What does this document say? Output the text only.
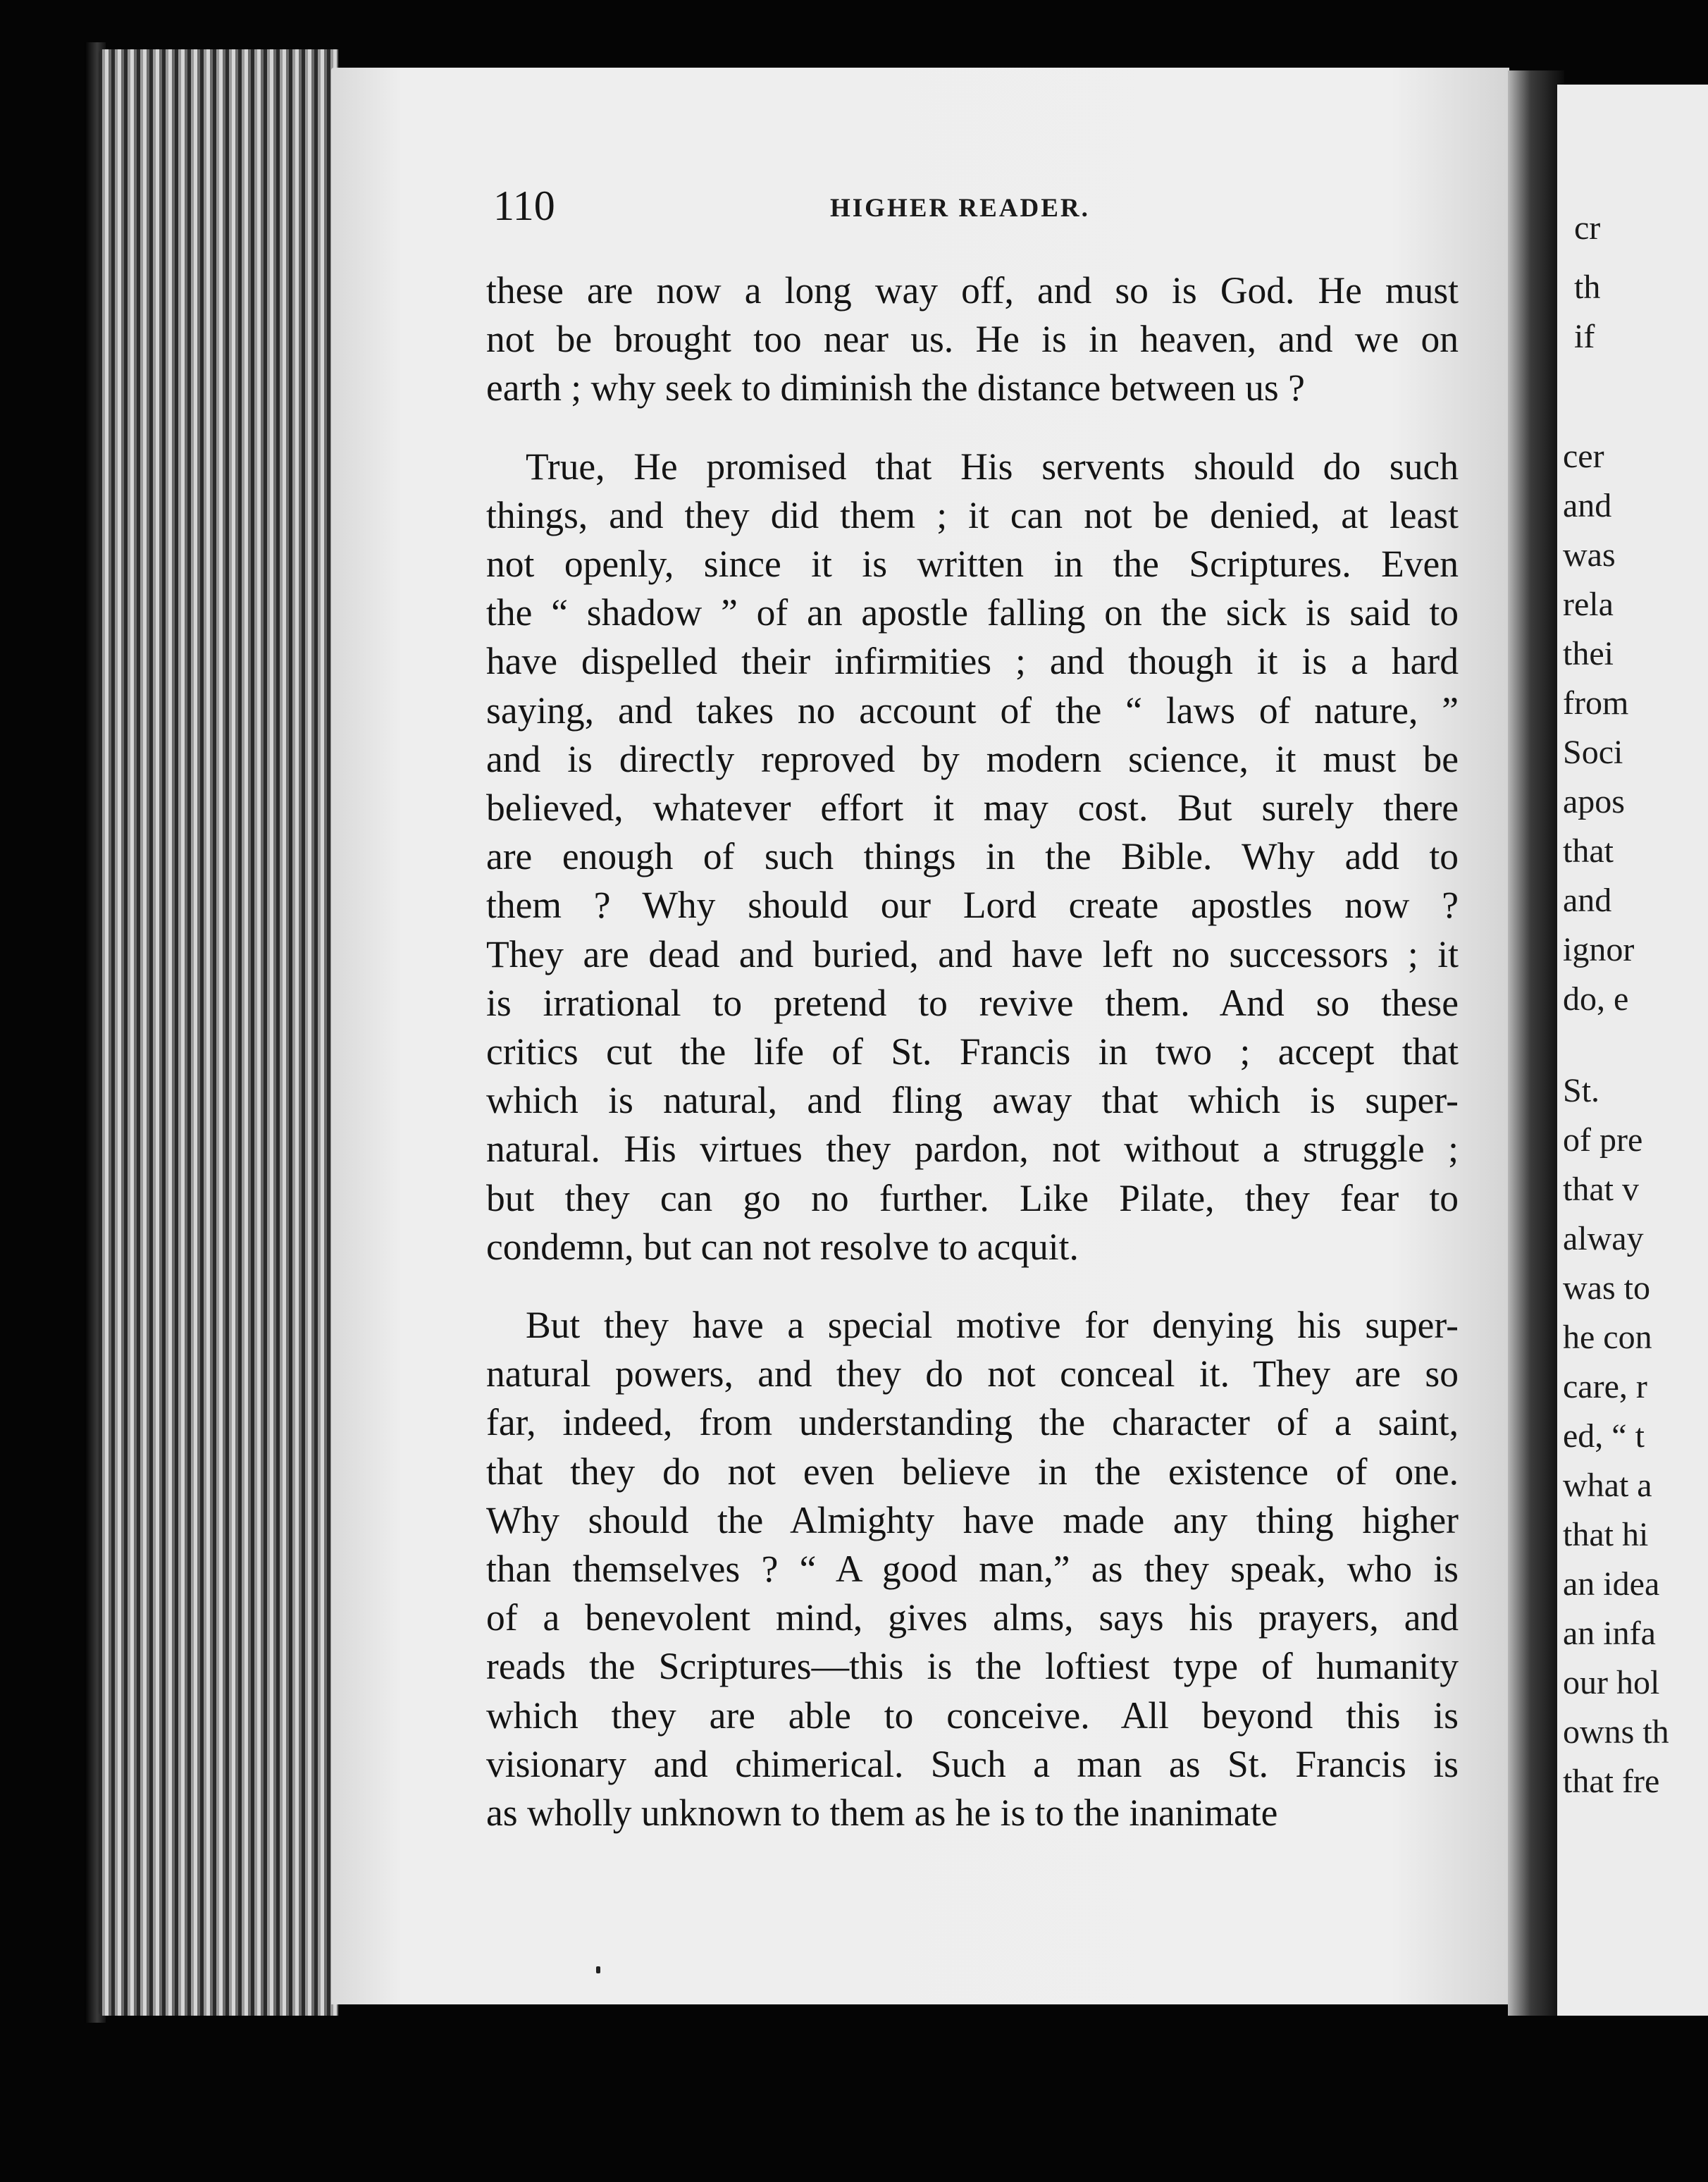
110	HIGHER READER.
these are now a long way off, and so is God. He must
not be brought too near us. He is in heaven, and we on
earth ; why seek to diminish the distance between us ?
True, He promised that His servents should do such
things, and they did them ; it can not be denied, at least
not openly, since it is written in the Scriptures. Even
the “ shadow ” of an apostle falling on the sick is said to
have dispelled their infirmities ; and though it is a hard
saying, and takes no account of the “ laws of nature, ”
and is directly reproved by modern science, it must be
believed, whatever effort it may cost. But surely there
are enough of such things in the Bible. Why add to
them ? Why should our Lord create apostles now ?
They are dead and buried, and have left no successors ; it
is irrational to pretend to revive them. And so these
critics cut the life of St. Francis in two ; accept that
which is natural, and fling away that which is super-
natural. His virtues they pardon, not without a struggle ;
but they can go no further. Like Pilate, they fear to
condemn, but can not resolve to acquit.
But they have a special motive for denying his super-
natural powers, and they do not conceal it. They are so
far, indeed, from understanding the character of a saint,
that they do not even believe in the existence of one.
Why should the Almighty have made any thing higher
than themselves ? “ A good man,” as they speak, who is
of a benevolent mind, gives alms, says his prayers, and
reads the Scriptures—this is the loftiest type of humanity
which they are able to conceive. All beyond this is
visionary and chimerical. Such a man as St. Francis is
as wholly unknown to them as he is to the inanimate
cr
th
if
cer
and
was
rela
thei
from
Soci
apos
that
and
ignor
do, e
St.
of pre
that v
alway
was to
he con
care, r
ed, “ t
what a
that hi
an idea
an infa
our hol
owns th
that fre
